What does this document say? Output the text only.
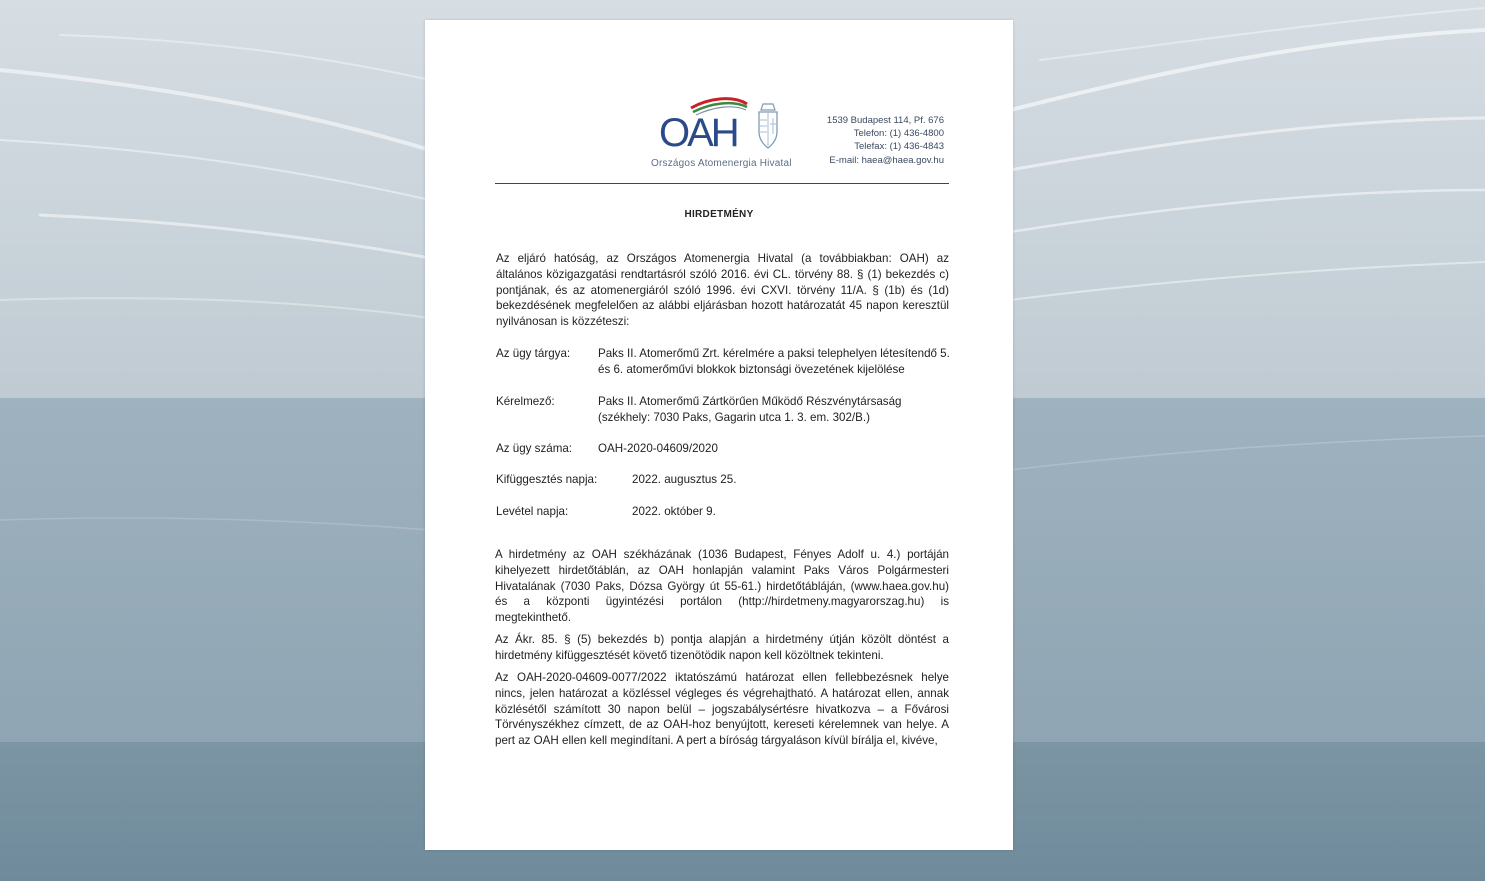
OAH
Országos Atomenergia Hivatal
1539 Budapest 114, Pf. 676
Telefon: (1) 436-4800
Telefax: (1) 436-4843
E-mail: haea@haea.gov.hu
HIRDETMÉNY
Az eljáró hatóság, az Országos Atomenergia Hivatal (a továbbiakban: OAH) az általános közigazgatási rendtartásról szóló 2016. évi CL. törvény 88. § (1) bekezdés c) pontjának, és az atomenergiáról szóló 1996. évi CXVI. törvény 11/A. § (1b) és (1d) bekezdésének megfelelően az alábbi eljárásban hozott határozatát 45 napon keresztül nyilvánosan is közzéteszi:
Az ügy tárgya: Paks II. Atomerőmű Zrt. kérelmére a paksi telephelyen létesítendő 5. és 6. atomerőművi blokkok biztonsági övezetének kijelölése
Kérelmező:	Paks II. Atomerőmű Zártkörűen Működő Részvénytársaság (székhely: 7030 Paks, Gagarin utca 1. 3. em. 302/B.)
Az ügy száma: OAH-2020-04609/2020
Kifüggesztés napja:	2022. augusztus 25.
Levétel napja:	2022. október 9.
A hirdetmény az OAH székházának (1036 Budapest, Fényes Adolf u. 4.) portáján kihelyezett hirdetőtáblán, az OAH honlapján valamint Paks Város Polgármesteri Hivatalának (7030 Paks, Dózsa György út 55-61.) hirdetőtábláján, (www.haea.gov.hu) és a központi ügyintézési portálon (http://hirdetmeny.magyarorszag.hu) is megtekinthető.
Az Ákr. 85. § (5) bekezdés b) pontja alapján a hirdetmény útján közölt döntést a hirdetmény kifüggesztését követő tizenötödik napon kell közöltnek tekinteni.
Az OAH-2020-04609-0077/2022 iktatószámú határozat ellen fellebbezésnek helye nincs, jelen határozat a közléssel végleges és végrehajtható. A határozat ellen, annak közlésétől számított 30 napon belül – jogszabálysértésre hivatkozva – a Fővárosi Törvényszékhez címzett, de az OAH-hoz benyújtott, kereseti kérelemnek van helye. A pert az OAH ellen kell megindítani. A pert a bíróság tárgyaláson kívül bírálja el, kivéve,
